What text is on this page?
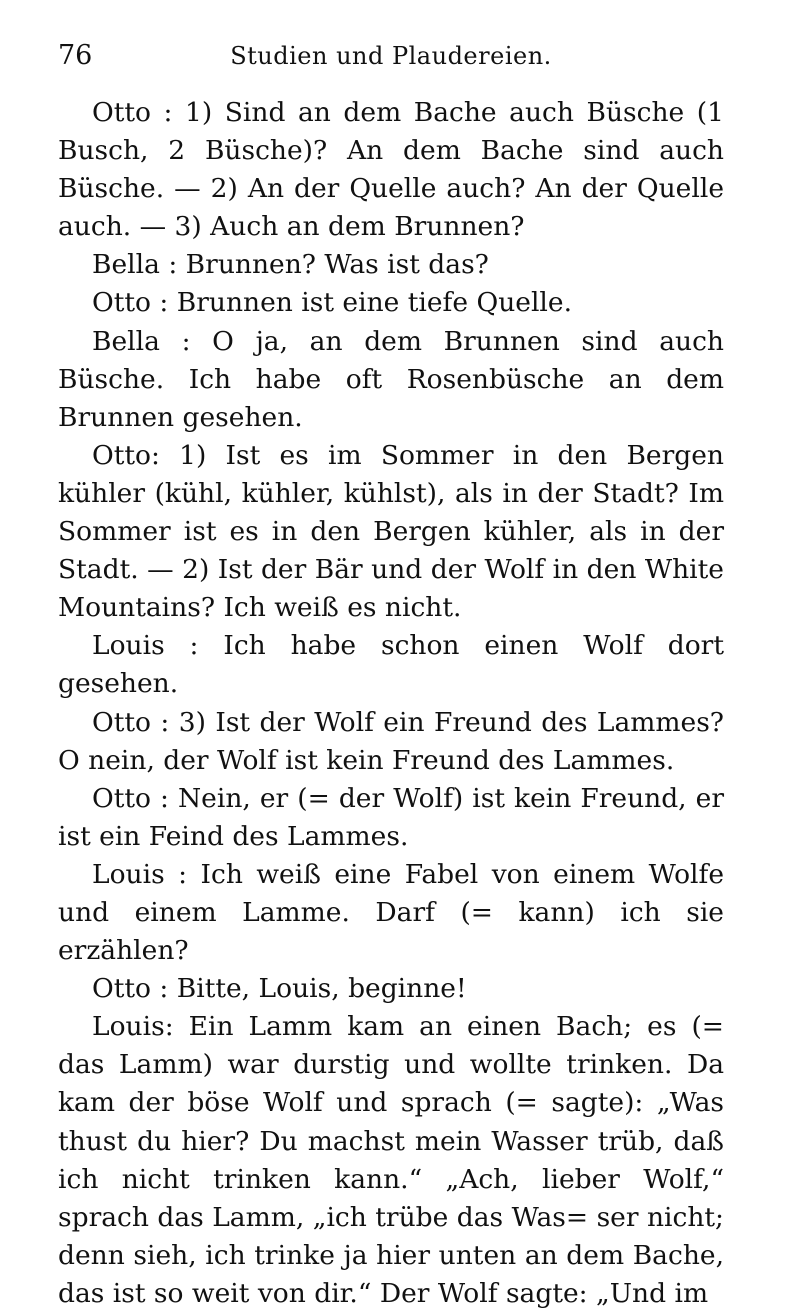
76	Studien und Plaudereien.

Otto : 1) Sind an dem Bache auch Büsche (1 Busch, 2 Büsche)? An dem Bache sind auch Büsche. — 2) An der Quelle auch? An der Quelle auch. — 3) Auch an dem Brunnen?

Bella : Brunnen? Was ist das?

Otto : Brunnen ist eine tiefe Quelle.

Bella : O ja, an dem Brunnen sind auch Büsche. Ich habe oft Rosenbüsche an dem Brunnen gesehen.

Otto: 1) Ist es im Sommer in den Bergen kühler (kühl, kühler, kühlst), als in der Stadt? Im Sommer ist es in den Bergen kühler, als in der Stadt. — 2) Ist der Bär und der Wolf in den White Mountains? Ich weiß es nicht.

Louis : Ich habe schon einen Wolf dort gesehen.

Otto : 3) Ist der Wolf ein Freund des Lammes? O nein, der Wolf ist kein Freund des Lammes.

Otto : Nein, er (= der Wolf) ist kein Freund, er ist ein Feind des Lammes.

Louis : Ich weiß eine Fabel von einem Wolfe und einem Lamme. Darf (= kann) ich sie erzählen?

Otto : Bitte, Louis, beginne!

Louis: Ein Lamm kam an einen Bach; es (= das Lamm) war durstig und wollte trinken. Da kam der böse Wolf und sprach (= sagte): „Was thust du hier? Du machst mein Wasser trüb, daß ich nicht trinken kann.“ „Ach, lieber Wolf,“ sprach das Lamm, „ich trübe das Was= ser nicht; denn sieh, ich trinke ja hier unten an dem Bache, das ist so weit von dir.“ Der Wolf sagte: „Und im
